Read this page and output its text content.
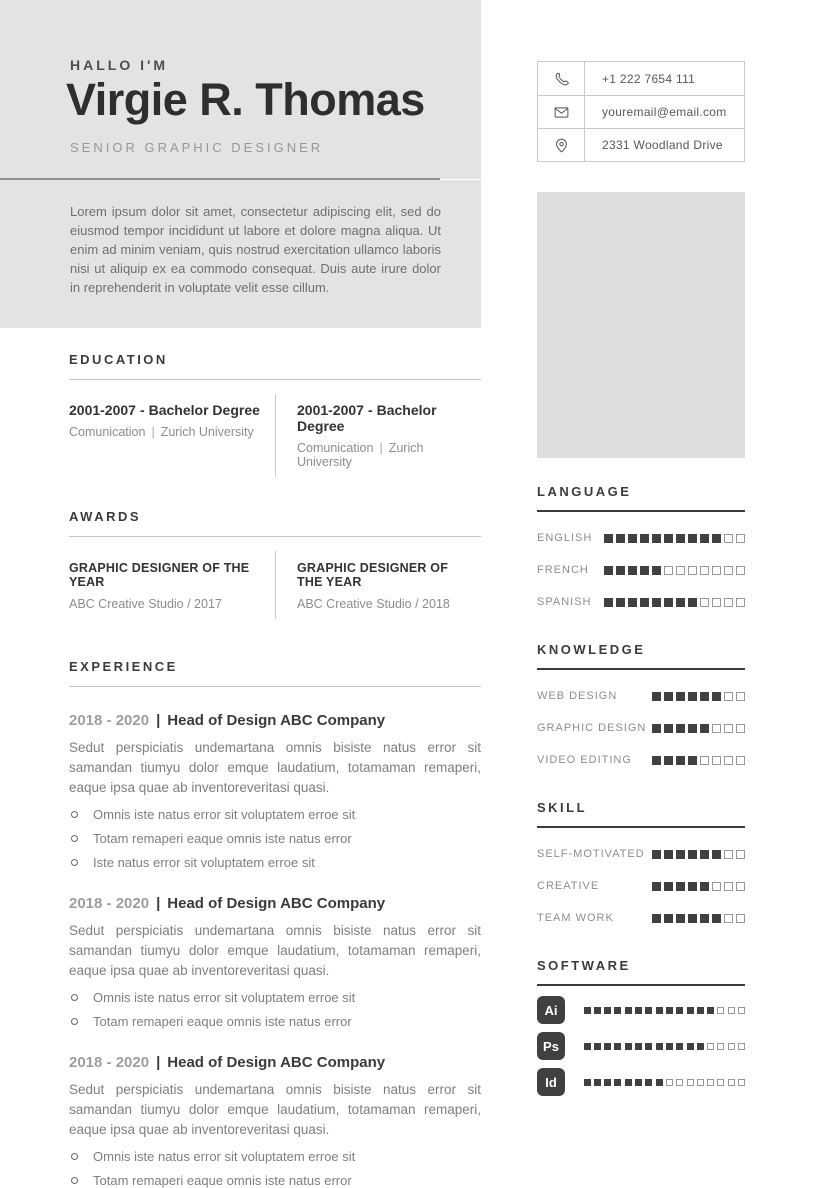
HALLO I'M
Virgie R. Thomas
SENIOR GRAPHIC DESIGNER

Lorem ipsum dolor sit amet, consectetur adipiscing elit, sed do eiusmod tempor incididunt ut labore et dolore magna aliqua. Ut enim ad minim veniam, quis nostrud exercitation ullamco laboris nisi ut aliquip ex ea commodo consequat. Duis aute irure dolor in reprehenderit in voluptate velit esse cillum.

+1 222 7654 111
youremail@email.com
2331 Woodland Drive
EDUCATION
2001-2007 - Bachelor Degree
Comunication | Zurich University
2001-2007 - Bachelor Degree
Comunication | Zurich University
AWARDS
GRAPHIC DESIGNER OF THE YEAR
ABC Creative Studio / 2017
GRAPHIC DESIGNER OF THE YEAR
ABC Creative Studio / 2018
EXPERIENCE
2018 - 2020 | Head of Design ABC Company

Sedut perspiciatis undemartana omnis bisiste natus error sit samandan tiumyu dolor emque laudatium, totamaman remaperi, eaque ipsa quae ab inventoreveritasi quasi.

Omnis iste natus error sit voluptatem erroe sit
Totam remaperi eaque omnis iste natus error
Iste natus error sit voluptatem erroe sit
2018 - 2020 | Head of Design ABC Company

Sedut perspiciatis undemartana omnis bisiste natus error sit samandan tiumyu dolor emque laudatium, totamaman remaperi, eaque ipsa quae ab inventoreveritasi quasi.

Omnis iste natus error sit voluptatem erroe sit
Totam remaperi eaque omnis iste natus error
2018 - 2020 | Head of Design ABC Company

Sedut perspiciatis undemartana omnis bisiste natus error sit samandan tiumyu dolor emque laudatium, totamaman remaperi, eaque ipsa quae ab inventoreveritasi quasi.

Omnis iste natus error sit voluptatem erroe sit
Totam remaperi eaque omnis iste natus error
LANGUAGE
ENGLISH
FRENCH
SPANISH
KNOWLEDGE
WEB DESIGN
GRAPHIC DESIGN
VIDEO EDITING
SKILL
SELF-MOTIVATED
CREATIVE
TEAM WORK
SOFTWARE
Ai
Ps
Id
